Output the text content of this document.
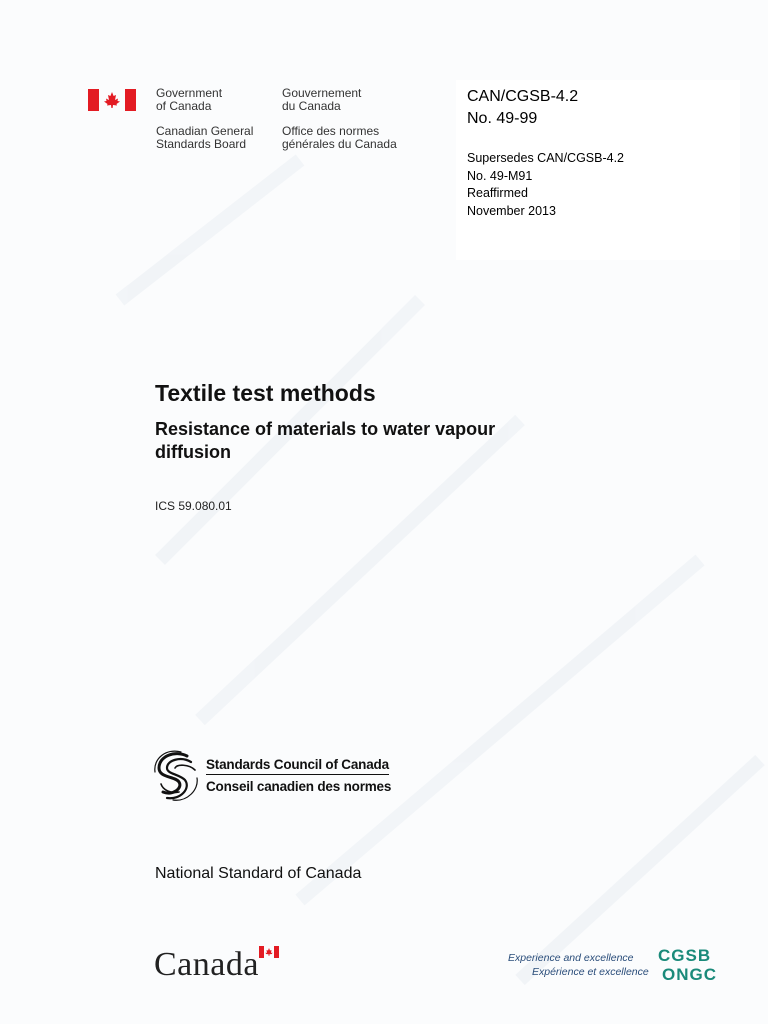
Government
of Canada
Gouvernement
du Canada
Canadian General
Standards Board
Office des normes
générales du Canada
CAN/CGSB-4.2
No. 49-99
Supersedes CAN/CGSB-4.2
No. 49-M91
Reaffirmed
November 2013
Textile test methods
Resistance of materials to water vapour diffusion
ICS 59.080.01
Standards Council of Canada
Conseil canadien des normes
National Standard of Canada
Canada	Experience and excellence
Expérience et excellence
CGSB
ONGC
